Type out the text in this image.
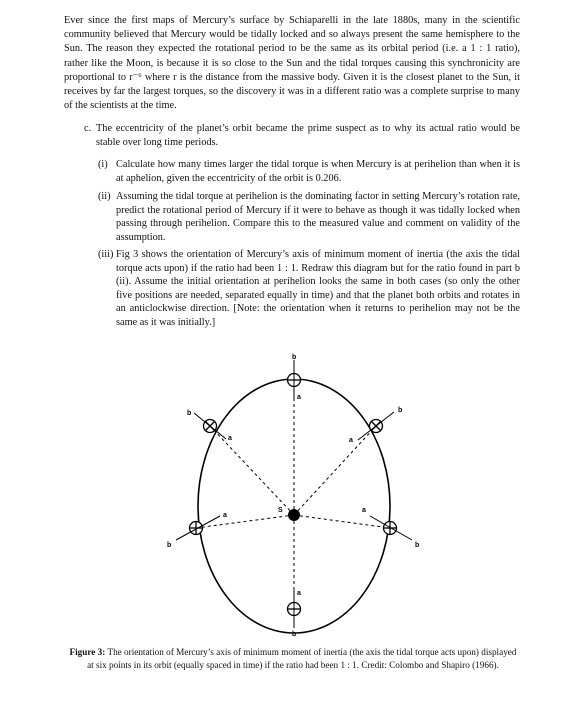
Ever since the first maps of Mercury’s surface by Schiaparelli in the late 1880s, many in the scientific community believed that Mercury would be tidally locked and so always present the same hemisphere to the Sun. The reason they expected the rotational period to be the same as its orbital period (i.e. a 1 : 1 ratio), rather like the Moon, is because it is so close to the Sun and the tidal torques causing this synchronicity are proportional to r⁻⁶ where r is the distance from the massive body. Given it is the closest planet to the Sun, it receives by far the largest torques, so the discovery it was in a different ratio was a complete surprise to many of the scientists at the time.

c. The eccentricity of the planet’s orbit became the prime suspect as to why its actual ratio would be stable over long time periods.
(i) Calculate how many times larger the tidal torque is when Mercury is at perihelion than when it is at aphelion, given the eccentricity of the orbit is 0.206.
(ii) Assuming the tidal torque at perihelion is the dominating factor in setting Mercury’s rotation rate, predict the rotational period of Mercury if it were to behave as though it was tidally locked when passing through perihelion. Compare this to the measured value and comment on validity of the assumption.
(iii) Fig 3 shows the orientation of Mercury’s axis of minimum moment of inertia (the axis the tidal torque acts upon) if the ratio had been 1 : 1. Redraw this diagram but for the ratio found in part b (ii). Assume the initial orientation at perihelion looks the same in both cases (so only the other five positions are needed, separated equally in time) and that the planet both orbits and rotates in an anticlockwise direction. [Note: the orientation when it returns to perihelion may not be the same as it was initially.]
S
b
a
a
b
b
a
b
a
b
a
a
b

Figure 3: The orientation of Mercury’s axis of minimum moment of inertia (the axis the tidal torque acts upon) displayed at six points in its orbit (equally spaced in time) if the ratio had been 1 : 1. Credit: Colombo and Shapiro (1966).
